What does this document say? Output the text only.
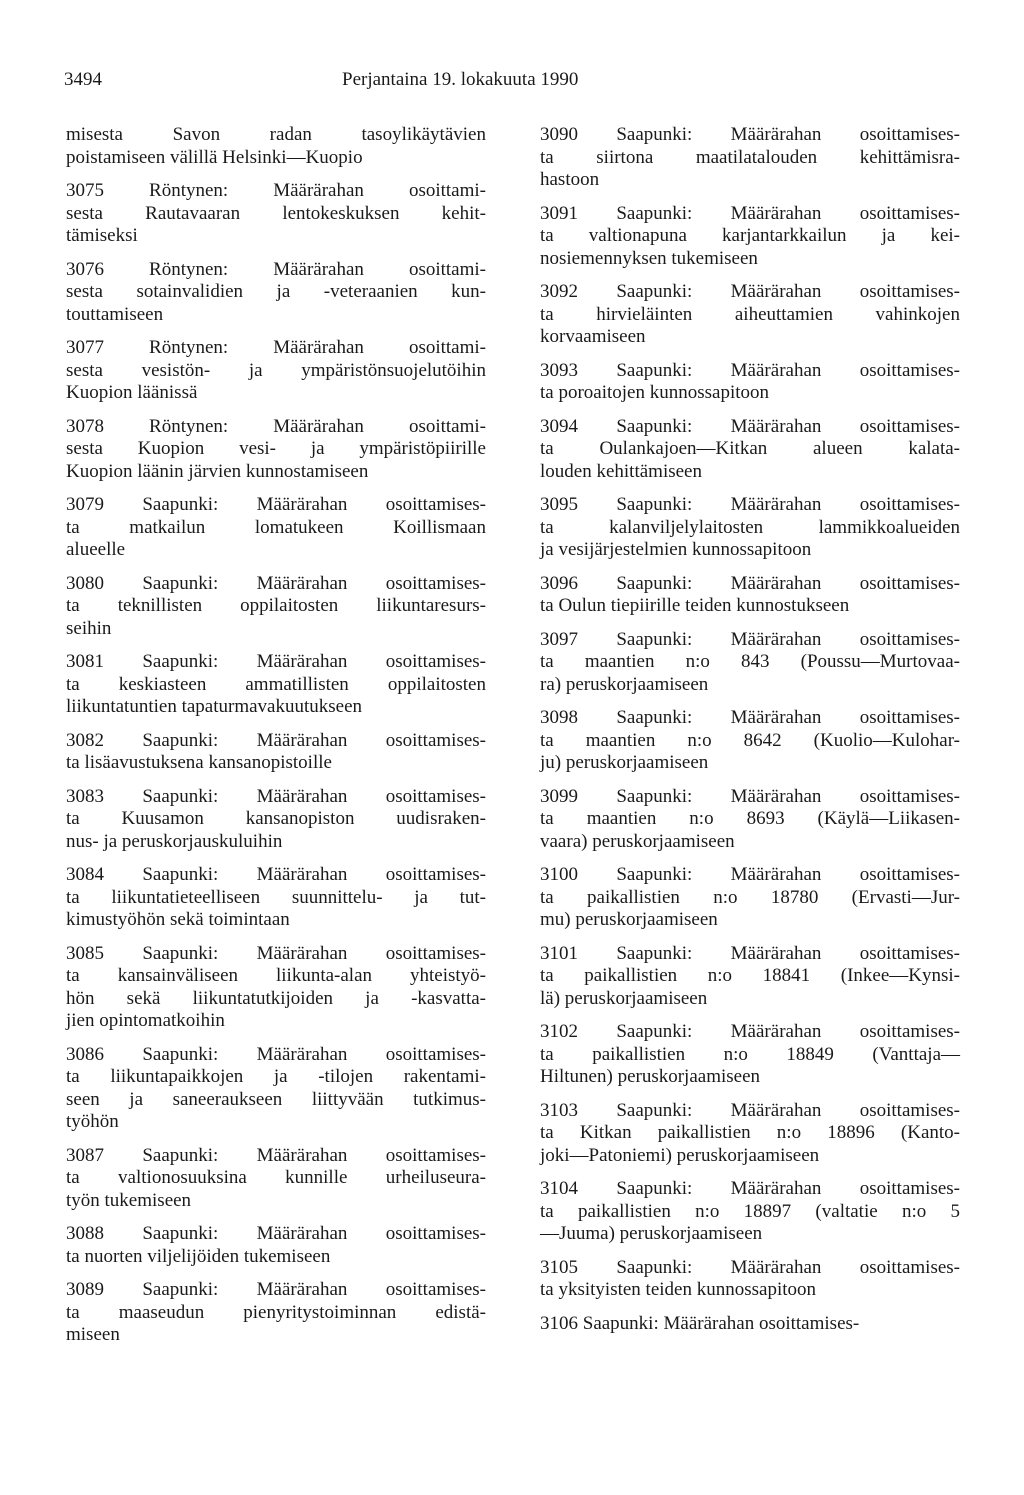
3494	Perjantaina 19. lokakuuta 1990

misesta Savon radan tasoylikäytävien
poistamiseen välillä Helsinki—Kuopio

3075 Röntynen: Määrärahan osoittami-
sesta Rautavaaran lentokeskuksen kehit-
tämiseksi

3076 Röntynen: Määrärahan osoittami-
sesta sotainvalidien ja -veteraanien kun-
touttamiseen

3077 Röntynen: Määrärahan osoittami-
sesta vesistön- ja ympäristönsuojelutöihin
Kuopion läänissä

3078 Röntynen: Määrärahan osoittami-
sesta Kuopion vesi- ja ympäristöpiirille
Kuopion läänin järvien kunnostamiseen

3079 Saapunki: Määrärahan osoittamises-
ta matkailun lomatukeen Koillismaan
alueelle

3080 Saapunki: Määrärahan osoittamises-
ta teknillisten oppilaitosten liikuntaresurs-
seihin

3081 Saapunki: Määrärahan osoittamises-
ta keskiasteen ammatillisten oppilaitosten
liikuntatuntien tapaturmavakuutukseen

3082 Saapunki: Määrärahan osoittamises-
ta lisäavustuksena kansanopistoille

3083 Saapunki: Määrärahan osoittamises-
ta Kuusamon kansanopiston uudisraken-
nus- ja peruskorjauskuluihin

3084 Saapunki: Määrärahan osoittamises-
ta liikuntatieteelliseen suunnittelu- ja tut-
kimustyöhön sekä toimintaan

3085 Saapunki: Määrärahan osoittamises-
ta kansainväliseen liikunta-alan yhteistyö-
hön sekä liikuntatutkijoiden ja -kasvatta-
jien opintomatkoihin

3086 Saapunki: Määrärahan osoittamises-
ta liikuntapaikkojen ja -tilojen rakentami-
seen ja saneeraukseen liittyvään tutkimus-
työhön

3087 Saapunki: Määrärahan osoittamises-
ta valtionosuuksina kunnille urheiluseura-
työn tukemiseen

3088 Saapunki: Määrärahan osoittamises-
ta nuorten viljelijöiden tukemiseen

3089 Saapunki: Määrärahan osoittamises-
ta maaseudun pienyritystoiminnan edistä-
miseen

3090 Saapunki: Määrärahan osoittamises-
ta siirtona maatilatalouden kehittämisra-
hastoon

3091 Saapunki: Määrärahan osoittamises-
ta valtionapuna karjantarkkailun ja kei-
nosiemennyksen tukemiseen

3092 Saapunki: Määrärahan osoittamises-
ta hirvieläinten aiheuttamien vahinkojen
korvaamiseen

3093 Saapunki: Määrärahan osoittamises-
ta poroaitojen kunnossapitoon

3094 Saapunki: Määrärahan osoittamises-
ta Oulankajoen—Kitkan alueen kalata-
louden kehittämiseen

3095 Saapunki: Määrärahan osoittamises-
ta kalanviljelylaitosten lammikkoalueiden
ja vesijärjestelmien kunnossapitoon

3096 Saapunki: Määrärahan osoittamises-
ta Oulun tiepiirille teiden kunnostukseen

3097 Saapunki: Määrärahan osoittamises-
ta maantien n:o 843 (Poussu—Murtovaa-
ra) peruskorjaamiseen

3098 Saapunki: Määrärahan osoittamises-
ta maantien n:o 8642 (Kuolio—Kulohar-
ju) peruskorjaamiseen

3099 Saapunki: Määrärahan osoittamises-
ta maantien n:o 8693 (Käylä—Liikasen-
vaara) peruskorjaamiseen

3100 Saapunki: Määrärahan osoittamises-
ta paikallistien n:o 18780 (Ervasti—Jur-
mu) peruskorjaamiseen

3101 Saapunki: Määrärahan osoittamises-
ta paikallistien n:o 18841 (Inkee—Kynsi-
lä) peruskorjaamiseen

3102 Saapunki: Määrärahan osoittamises-
ta paikallistien n:o 18849 (Vanttaja—
Hiltunen) peruskorjaamiseen

3103 Saapunki: Määrärahan osoittamises-
ta Kitkan paikallistien n:o 18896 (Kanto-
joki—Patoniemi) peruskorjaamiseen

3104 Saapunki: Määrärahan osoittamises-
ta paikallistien n:o 18897 (valtatie n:o 5
—Juuma) peruskorjaamiseen

3105 Saapunki: Määrärahan osoittamises-
ta yksityisten teiden kunnossapitoon

3106 Saapunki: Määrärahan osoittamises-
